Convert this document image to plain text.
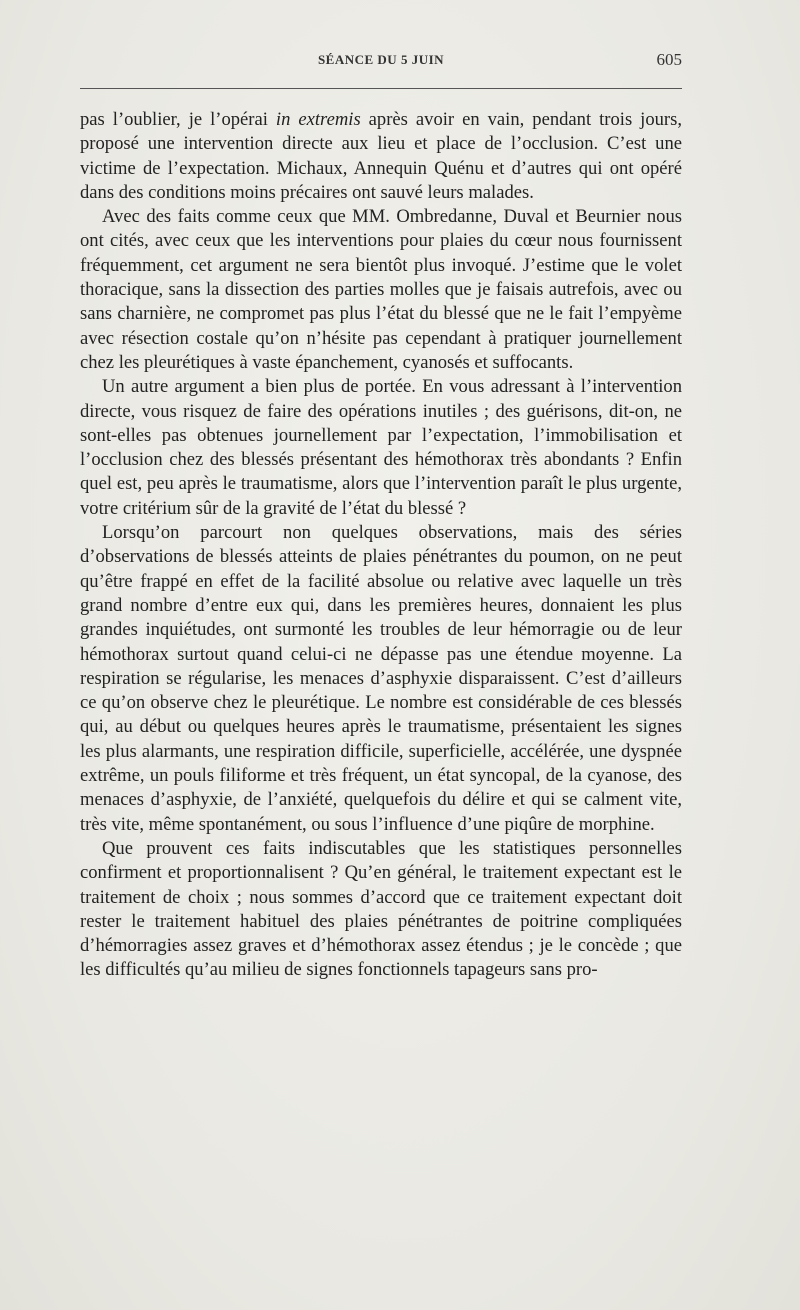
SÉANCE DU 5 JUIN	605

pas l’oublier, je l’opérai in extremis après avoir en vain, pendant trois jours, proposé une intervention directe aux lieu et place de l’occlusion. C’est une victime de l’expectation. Michaux, Annequin Quénu et d’autres qui ont opéré dans des conditions moins précaires ont sauvé leurs malades.

Avec des faits comme ceux que MM. Ombredanne, Duval et Beurnier nous ont cités, avec ceux que les interventions pour plaies du cœur nous fournissent fréquemment, cet argument ne sera bientôt plus invoqué. J’estime que le volet thoracique, sans la dissection des parties molles que je faisais autrefois, avec ou sans charnière, ne compromet pas plus l’état du blessé que ne le fait l’empyème avec résection costale qu’on n’hésite pas cependant à pratiquer journellement chez les pleurétiques à vaste épanchement, cyanosés et suffocants.

Un autre argument a bien plus de portée. En vous adressant à l’intervention directe, vous risquez de faire des opérations inutiles ; des guérisons, dit-on, ne sont-elles pas obtenues journellement par l’expectation, l’immobilisation et l’occlusion chez des blessés présentant des hémothorax très abondants ? Enfin quel est, peu après le traumatisme, alors que l’intervention paraît le plus urgente, votre critérium sûr de la gravité de l’état du blessé ?

Lorsqu’on parcourt non quelques observations, mais des séries d’observations de blessés atteints de plaies pénétrantes du poumon, on ne peut qu’être frappé en effet de la facilité absolue ou relative avec laquelle un très grand nombre d’entre eux qui, dans les premières heures, donnaient les plus grandes inquiétudes, ont surmonté les troubles de leur hémorragie ou de leur hémothorax surtout quand celui-ci ne dépasse pas une étendue moyenne. La respiration se régularise, les menaces d’asphyxie disparaissent. C’est d’ailleurs ce qu’on observe chez le pleurétique. Le nombre est considérable de ces blessés qui, au début ou quelques heures après le traumatisme, présentaient les signes les plus alarmants, une respiration difficile, superficielle, accélérée, une dyspnée extrême, un pouls filiforme et très fréquent, un état syncopal, de la cyanose, des menaces d’asphyxie, de l’anxiété, quelquefois du délire et qui se calment vite, très vite, même spontanément, ou sous l’influence d’une piqûre de morphine.

Que prouvent ces faits indiscutables que les statistiques personnelles confirment et proportionnalisent ? Qu’en général, le traitement expectant est le traitement de choix ; nous sommes d’accord que ce traitement expectant doit rester le traitement habituel des plaies pénétrantes de poitrine compliquées d’hémorragies assez graves et d’hémothorax assez étendus ; je le concède ; que les difficultés qu’au milieu de signes fonctionnels tapageurs sans pro-
